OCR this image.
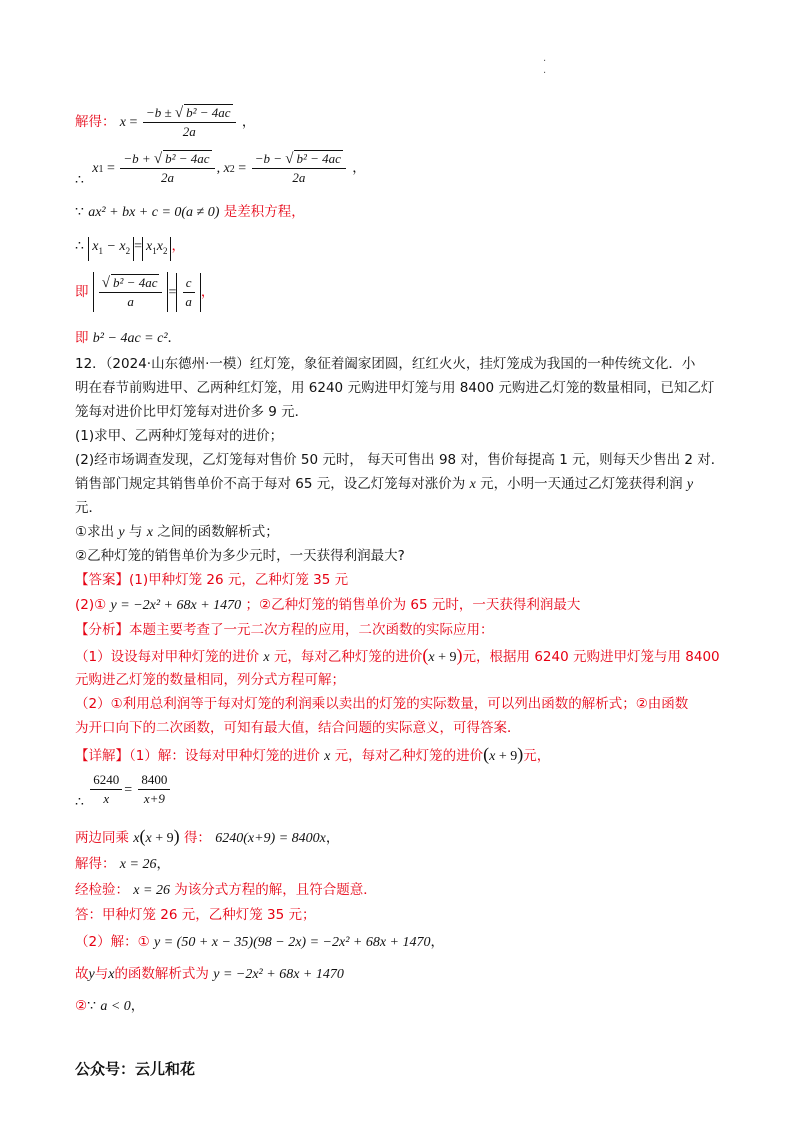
·
·
解得： $x = \frac{\text{−b ± √ b² − 4ac}}{2a}$ ，
∴ $x1 = \frac{\text{−b + √ b² − 4ac}}{2a}$ , $x2 = \frac{\text{−b − √ b² − 4ac}}{2a}$ ，
∵ ax² + bx + c = 0(a ≠ 0) 是差积方程，
∴ $x_1 - x_2 = x_1x_2$ ，
即 $\frac{\text{√ b² − 4ac}}{a} = \frac{c}{a}$ ，
即 b² − 4ac = c²．
12．（2024·山东德州·一模）红灯笼，象征着阖家团圆，红红火火，挂灯笼成为我国的一种传统文化．小
明在春节前购进甲、乙两种红灯笼，用 6240 元购进甲灯笼与用 8400 元购进乙灯笼的数量相同，已知乙灯
笼每对进价比甲灯笼每对进价多 9 元．
(1)求甲、乙两种灯笼每对的进价；
(2)经市场调查发现，乙灯笼每对售价 50 元时， 每天可售出 98 对，售价每提高 1 元，则每天少售出 2 对．
销售部门规定其销售单价不高于每对 65 元，设乙灯笼每对涨价为 x 元，小明一天通过乙灯笼获得利润 y
元．
①求出 y 与 x 之间的函数解析式；
②乙种灯笼的销售单价为多少元时，一天获得利润最大?
【答案】(1)甲种灯笼 26 元，乙种灯笼 35 元
(2)① y = −2x² + 68x + 1470 ；②乙种灯笼的销售单价为 65 元时，一天获得利润最大
【分析】本题主要考查了一元二次方程的应用，二次函数的实际应用：
（1）设设每对甲种灯笼的进价 x 元，每对乙种灯笼的进价(x + 9)元，根据用 6240 元购进甲灯笼与用 8400
元购进乙灯笼的数量相同，列分式方程可解；
（2）①利用总利润等于每对灯笼的利润乘以卖出的灯笼的实际数量，可以列出函数的解析式；②由函数
为开口向下的二次函数，可知有最大值，结合问题的实际意义，可得答案．
【详解】（1）解：设每对甲种灯笼的进价 x 元，每对乙种灯笼的进价(x + 9)元，
∴ $\frac{6240}{x} = \frac{8400}{x+9}$
两边同乘 x(x + 9) 得： 6240(x+9) = 8400x，
解得： x = 26，
经检验： x = 26 为该分式方程的解，且符合题意．
答：甲种灯笼 26 元，乙种灯笼 35 元；
（2）解：① y = (50 + x − 35)(98 − 2x) = −2x² + 68x + 1470，
故y与x的函数解析式为 y = −2x² + 68x + 1470
②∵ a < 0，
公众号：云儿和花
